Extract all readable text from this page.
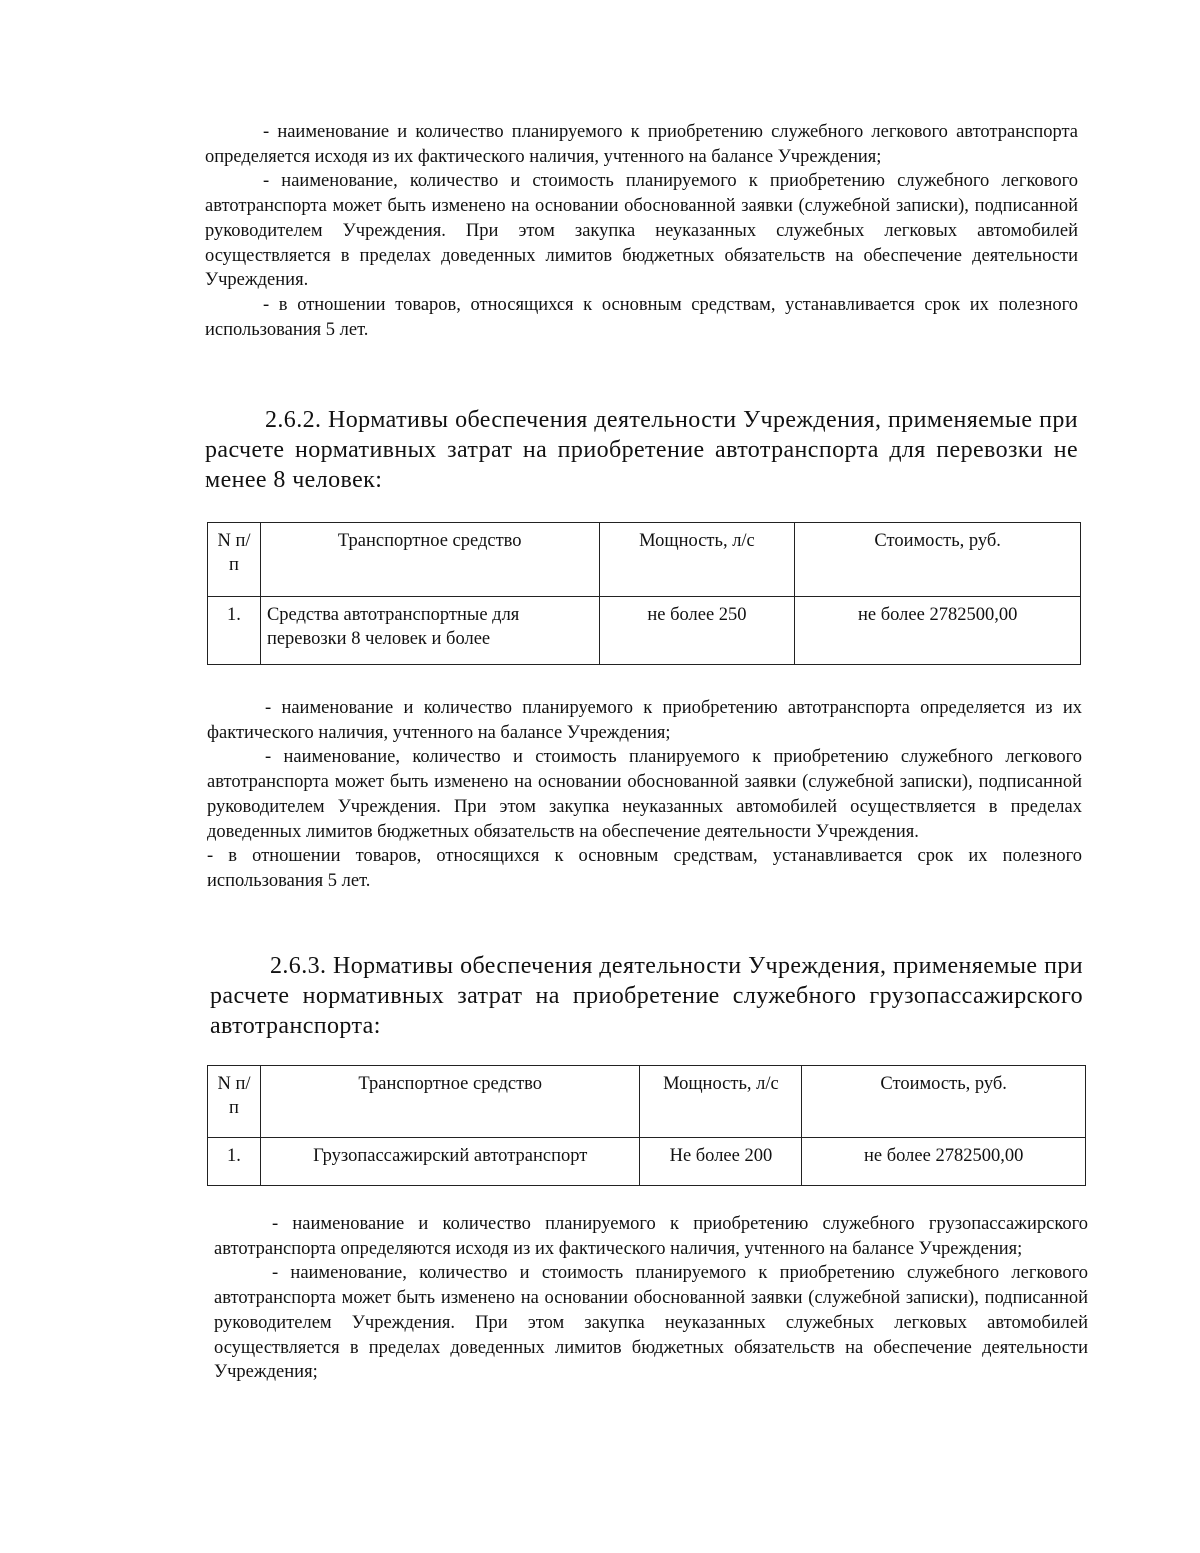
- наименование и количество планируемого к приобретению служебного легкового автотранспорта определяется исходя из их фактического наличия, учтенного на балансе Учреждения;

- наименование, количество и стоимость планируемого к приобретению служебного легкового автотранспорта может быть изменено на основании обоснованной заявки (служебной записки), подписанной руководителем Учреждения. При этом закупка неуказанных служебных легковых автомобилей осуществляется в пределах доведенных лимитов бюджетных обязательств на обеспечение деятельности Учреждения.

- в отношении товаров, относящихся к основным средствам, устанавливается срок их полезного использования 5 лет.

2.6.2. Нормативы обеспечения деятельности Учреждения, применяемые при расчете нормативных затрат на приобретение автотранспорта для перевозки не менее 8 человек:

N п/п	Транспортное средство	Мощность, л/с	Стоимость, руб.
1.	Средства автотранспортные для перевозки 8 человек и более	не более 250	не более 2782500,00

- наименование и количество планируемого к приобретению автотранспорта определяется из их фактического наличия, учтенного на балансе Учреждения;

- наименование, количество и стоимость планируемого к приобретению служебного легкового автотранспорта может быть изменено на основании обоснованной заявки (служебной записки), подписанной руководителем Учреждения. При этом закупка неуказанных автомобилей осуществляется в пределах доведенных лимитов бюджетных обязательств на обеспечение деятельности Учреждения.

- в отношении товаров, относящихся к основным средствам, устанавливается срок их полезного использования 5 лет.

2.6.3. Нормативы обеспечения деятельности Учреждения, применяемые при расчете нормативных затрат на приобретение служебного грузопассажирского автотранспорта:

N п/п	Транспортное средство	Мощность, л/с	Стоимость, руб.
1.	Грузопассажирский автотранспорт	Не более 200	не более 2782500,00

- наименование и количество планируемого к приобретению служебного грузопассажирского автотранспорта определяются исходя из их фактического наличия, учтенного на балансе Учреждения;

- наименование, количество и стоимость планируемого к приобретению служебного легкового автотранспорта может быть изменено на основании обоснованной заявки (служебной записки), подписанной руководителем Учреждения. При этом закупка неуказанных служебных легковых автомобилей осуществляется в пределах доведенных лимитов бюджетных обязательств на обеспечение деятельности Учреждения;
